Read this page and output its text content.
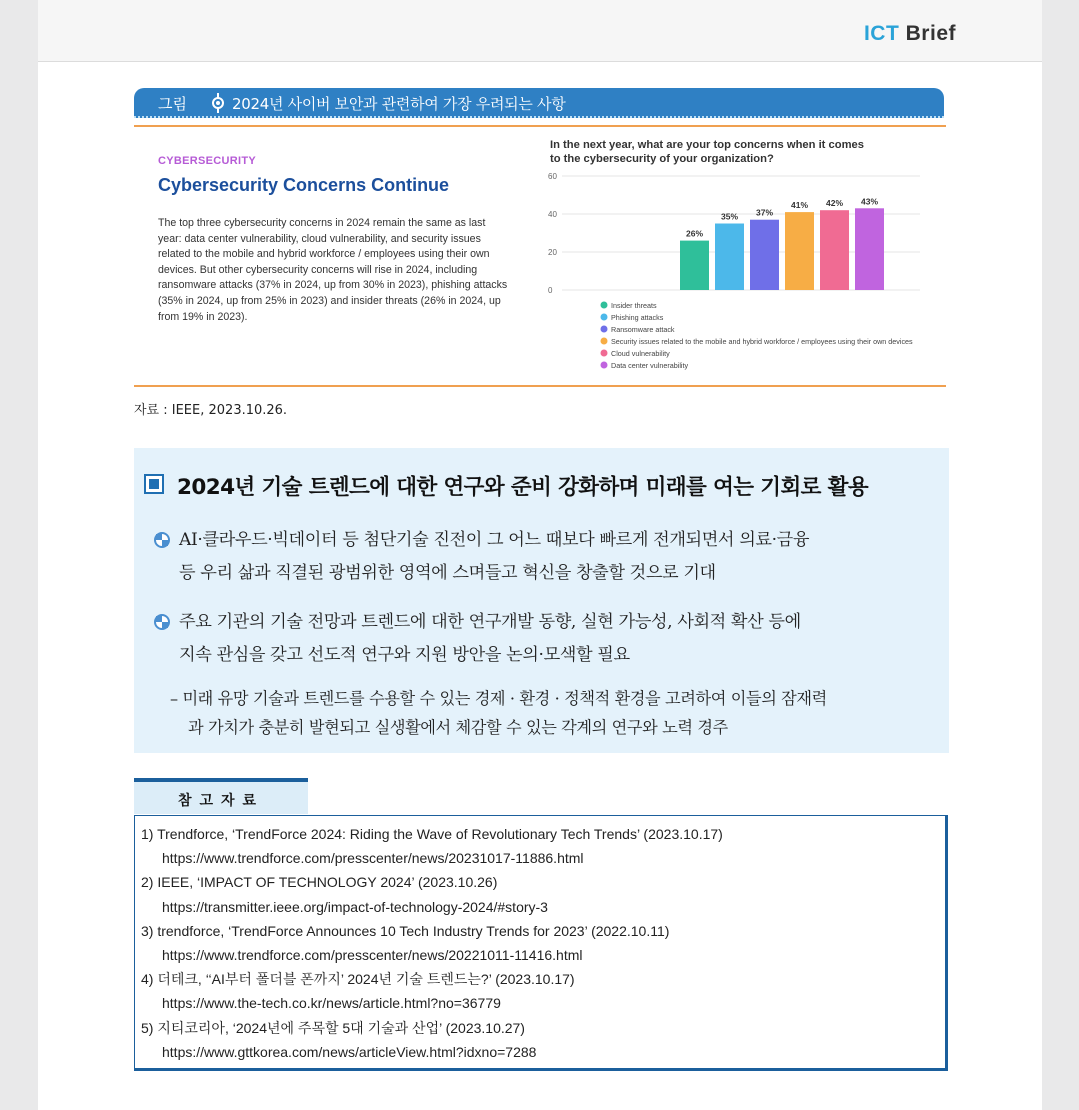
ICT Brief
그림	2024년 사이버 보안과 관련하여 가장 우려되는 사항
CYBERSECURITY
Cybersecurity Concerns Continue
The top three cybersecurity concerns in 2024 remain the same as last year: data center vulnerability, cloud vulnerability, and security issues related to the mobile and hybrid workforce / employees using their own devices. But other cybersecurity concerns will rise in 2024, including ransomware attacks (37% in 2024, up from 30% in 2023), phishing attacks (35% in 2024, up from 25% in 2023) and insider threats (26% in 2024, up from 19% in 2023).
In the next year, what are your top concerns when it comes
to the cybersecurity of your organization?
60
40
20
0
26%
35% 37%
41% 42% 43%
Insider threats
Phishing attacks
Ransomware attack
Security issues related to the mobile and hybrid workforce / employees using their own devices
Cloud vulnerability
Data center vulnerability
자료 : IEEE, 2023.10.26.
2024년 기술 트렌드에 대한 연구와 준비 강화하며 미래를 여는 기회로 활용

AI·클라우드·빅데이터 등 첨단기술 진전이 그 어느 때보다 빠르게 전개되면서 의료·금융
등 우리 삶과 직결된 광범위한 영역에 스며들고 혁신을 창출할 것으로 기대

주요 기관의 기술 전망과 트렌드에 대한 연구개발 동향, 실현 가능성, 사회적 확산 등에
지속 관심을 갖고 선도적 연구와 지원 방안을 논의·모색할 필요

– 미래 유망 기술과 트렌드를 수용할 수 있는 경제 · 환경 · 정책적 환경을 고려하여 이들의 잠재력
과 가치가 충분히 발현되고 실생활에서 체감할 수 있는 각계의 연구와 노력 경주
참고자료
1) Trendforce, ‘TrendForce 2024: Riding the Wave of Revolutionary Tech Trends’ (2023.10.17)
https://www.trendforce.com/presscenter/news/20231017-11886.html
2) IEEE, ‘IMPACT OF TECHNOLOGY 2024’ (2023.10.26)
https://transmitter.ieee.org/impact-of-technology-2024/#story-3
3) trendforce, ‘TrendForce Announces 10 Tech Industry Trends for 2023’ (2022.10.11)
https://www.trendforce.com/presscenter/news/20221011-11416.html
4) 더테크, ‘‘AI부터 폴더블 폰까지’ 2024년 기술 트렌드는?’ (2023.10.17)
https://www.the-tech.co.kr/news/article.html?no=36779
5) 지티코리아, ‘2024년에 주목할 5대 기술과 산업’ (2023.10.27)
https://www.gttkorea.com/news/articleView.html?idxno=7288
